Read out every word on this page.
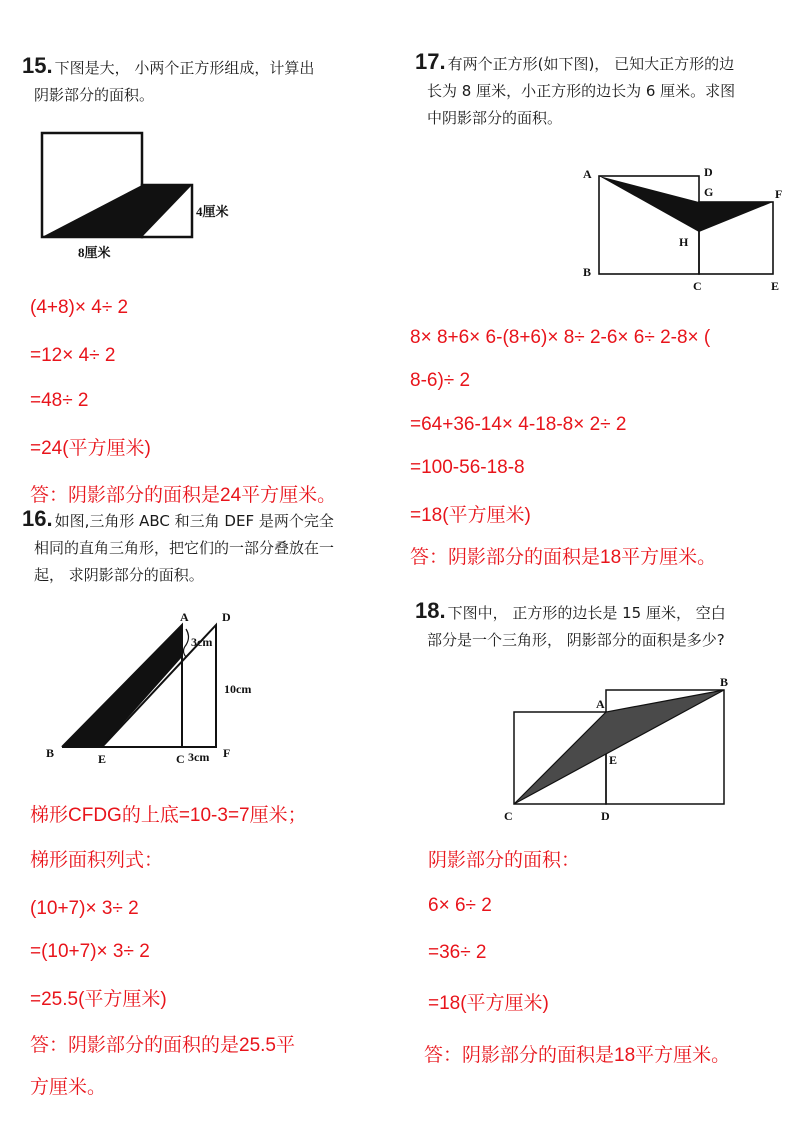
15. 下图是大， 小两个正方形组成，计算出
阴影部分的面积。
4厘米
8厘米
(4+8)× 4÷ 2
=12× 4÷ 2
=48÷ 2
=24(平方厘米)
答：阴影部分的面积是24平方厘米。
16. 如图,三角形 ABC 和三角 DEF 是两个完全
相同的直角三角形，把它们的一部分叠放在一
起， 求阴影部分的面积。
A	D
B	E	C	F
3cm
10cm
3cm
梯形CFDG的上底=10-3=7厘米；
梯形面积列式：
(10+7)× 3÷ 2
=(10+7)× 3÷ 2
=25.5(平方厘米)
答：阴影部分的面积的是25.5平
方厘米。
17. 有两个正方形(如下图)， 已知大正方形的边
长为 8 厘米，小正方形的边长为 6 厘米。求图
中阴影部分的面积。
A	D
G	F
H
B
C	E
8× 8+6× 6-(8+6)× 8÷ 2-6× 6÷ 2-8× (
8-6)÷ 2
=64+36-14× 4-18-8× 2÷ 2
=100-56-18-8
=18(平方厘米)
答：阴影部分的面积是18平方厘米。
18. 下图中， 正方形的边长是 15 厘米， 空白
部分是一个三角形， 阴影部分的面积是多少?
A
B
E
C	D
阴影部分的面积：
6× 6÷ 2
=36÷ 2
=18(平方厘米)
答：阴影部分的面积是18平方厘米。
